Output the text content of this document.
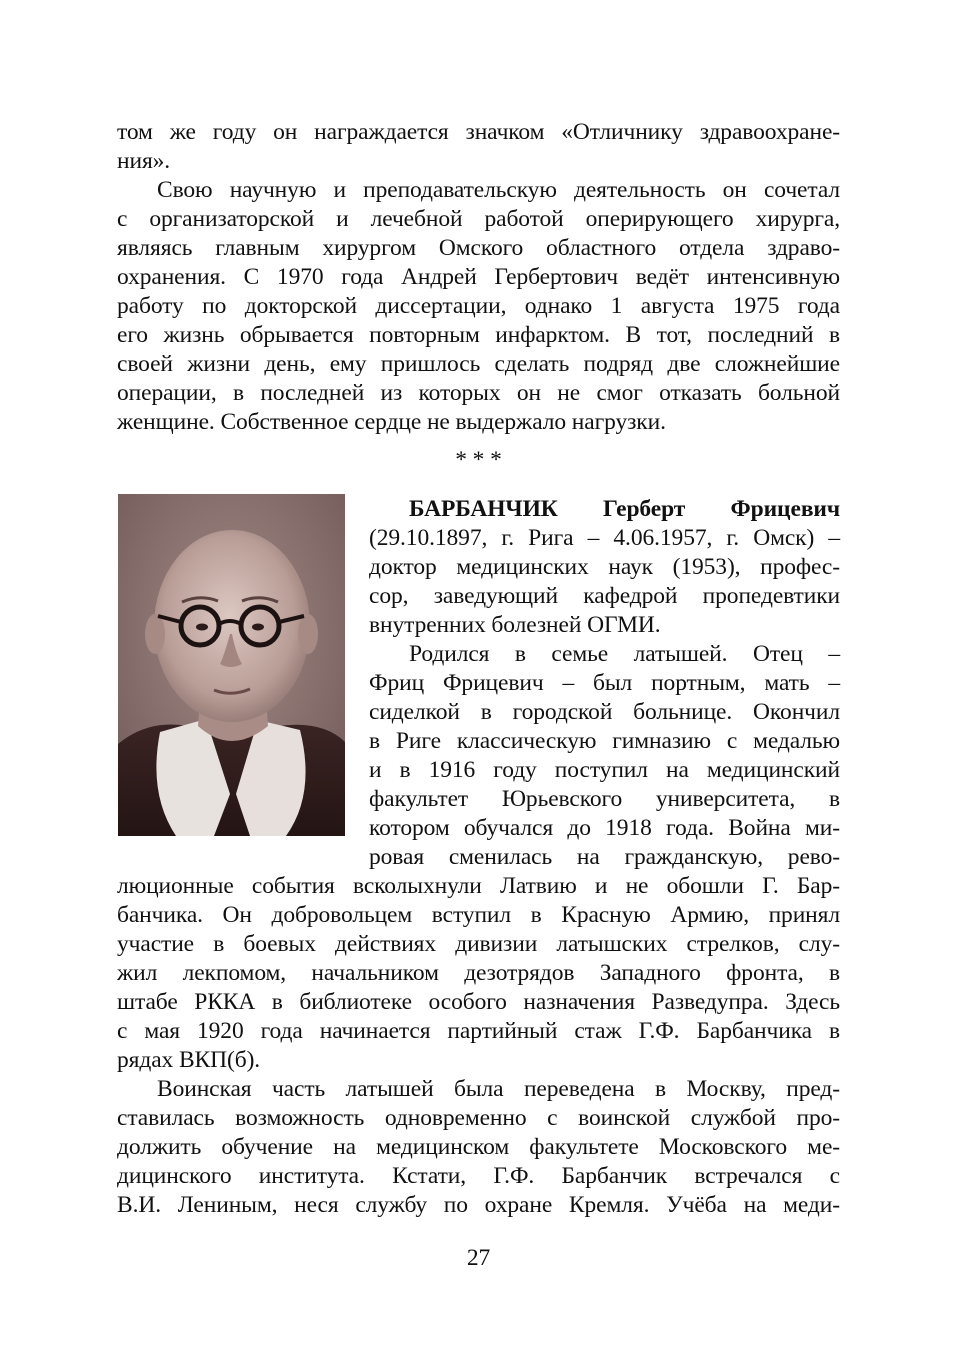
том же году он награждается значком «Отличнику здравоохране-
ния».
Свою научную и преподавательскую деятельность он сочетал
с организаторской и лечебной работой оперирующего хирурга,
являясь главным хирургом Омского областного отдела здраво-
охранения. С 1970 года Андрей Гербертович ведёт интенсивную
работу по докторской диссертации, однако 1 августа 1975 года
его жизнь обрывается повторным инфарктом. В тот, последний в
своей жизни день, ему пришлось сделать подряд две сложнейшие
операции, в последней из которых он не смог отказать больной
женщине. Собственное сердце не выдержало нагрузки.
* * *
БАРБАНЧИК Герберт Фрицевич
(29.10.1897, г. Рига – 4.06.1957, г. Омск) –
доктор медицинских наук (1953), профес-
сор, заведующий кафедрой пропедевтики
внутренних болезней ОГМИ.
Родился в семье латышей. Отец –
Фриц Фрицевич – был портным, мать –
сиделкой в городской больнице. Окончил
в Риге классическую гимназию с медалью
и в 1916 году поступил на медицинский
факультет Юрьевского университета, в
котором обучался до 1918 года. Война ми-
ровая сменилась на гражданскую, рево-
люционные события всколыхнули Латвию и не обошли Г. Бар-
банчика. Он добровольцем вступил в Красную Армию, принял
участие в боевых действиях дивизии латышских стрелков, слу-
жил лекпомом, начальником дезотрядов Западного фронта, в
штабе РККА в библиотеке особого назначения Разведупра. Здесь
с мая 1920 года начинается партийный стаж Г.Ф. Барбанчика в
рядах ВКП(б).
Воинская часть латышей была переведена в Москву, пред-
ставилась возможность одновременно с воинской службой про-
должить обучение на медицинском факультете Московского ме-
дицинского института. Кстати, Г.Ф. Барбанчик встречался с
В.И. Лениным, неся службу по охране Кремля. Учёба на меди-
27
